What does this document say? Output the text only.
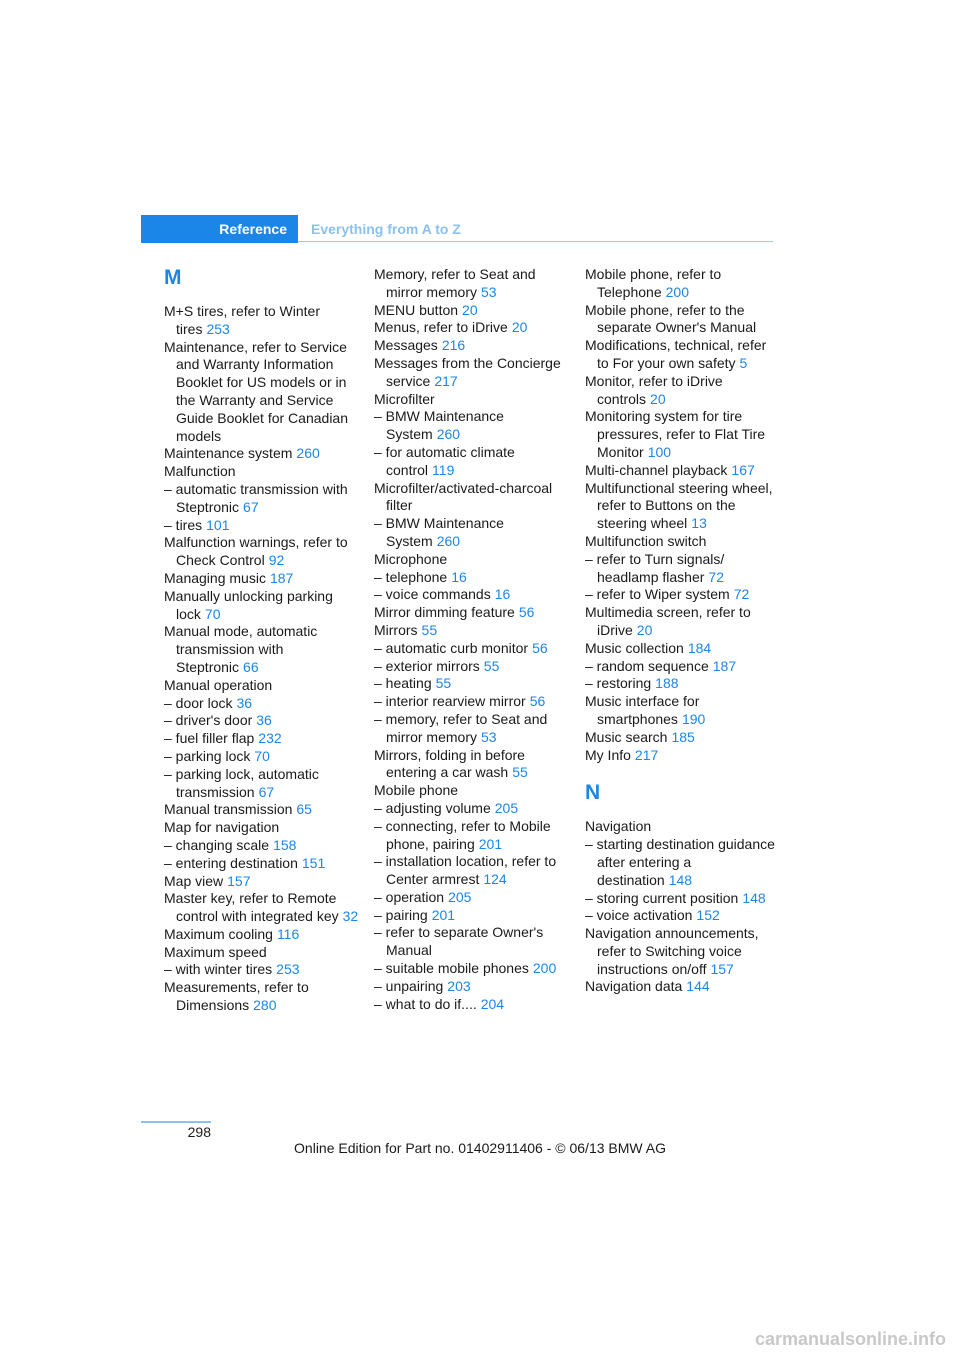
Reference	Everything from A to Z
M
M+S tires, refer to Winter tires 253
Maintenance, refer to Service and Warranty Information Booklet for US models or in the Warranty and Service Guide Booklet for Canadian models
Maintenance system 260
Malfunction
– automatic transmission with Steptronic 67
– tires 101
Malfunction warnings, refer to Check Control 92
Managing music 187
Manually unlocking parking lock 70
Manual mode, automatic transmission with Steptronic 66
Manual operation
– door lock 36
– driver's door 36
– fuel filler flap 232
– parking lock 70
– parking lock, automatic transmission 67
Manual transmission 65
Map for navigation
– changing scale 158
– entering destination 151
Map view 157
Master key, refer to Remote control with integrated key 32
Maximum cooling 116
Maximum speed
– with winter tires 253
Measurements, refer to Dimensions 280
Memory, refer to Seat and mirror memory 53
MENU button 20
Menus, refer to iDrive 20
Messages 216
Messages from the Concierge service 217
Microfilter
– BMW Maintenance System 260
– for automatic climate control 119
Microfilter/activated-charcoal filter
– BMW Maintenance System 260
Microphone
– telephone 16
– voice commands 16
Mirror dimming feature 56
Mirrors 55
– automatic curb monitor 56
– exterior mirrors 55
– heating 55
– interior rearview mirror 56
– memory, refer to Seat and mirror memory 53
Mirrors, folding in before entering a car wash 55
Mobile phone
– adjusting volume 205
– connecting, refer to Mobile phone, pairing 201
– installation location, refer to Center armrest 124
– operation 205
– pairing 201
– refer to separate Owner's Manual
– suitable mobile phones 200
– unpairing 203
– what to do if.... 204
Mobile phone, refer to Telephone 200
Mobile phone, refer to the separate Owner's Manual
Modifications, technical, refer to For your own safety 5
Monitor, refer to iDrive controls 20
Monitoring system for tire pressures, refer to Flat Tire Monitor 100
Multi-channel playback 167
Multifunctional steering wheel, refer to Buttons on the steering wheel 13
Multifunction switch
– refer to Turn signals/ headlamp flasher 72
– refer to Wiper system 72
Multimedia screen, refer to iDrive 20
Music collection 184
– random sequence 187
– restoring 188
Music interface for smartphones 190
Music search 185
My Info 217
N
Navigation
– starting destination guidance after entering a destination 148
– storing current position 148
– voice activation 152
Navigation announcements, refer to Switching voice instructions on/off 157
Navigation data 144
298
Online Edition for Part no. 01402911406 - © 06/13 BMW AG
carmanualsonline.info
